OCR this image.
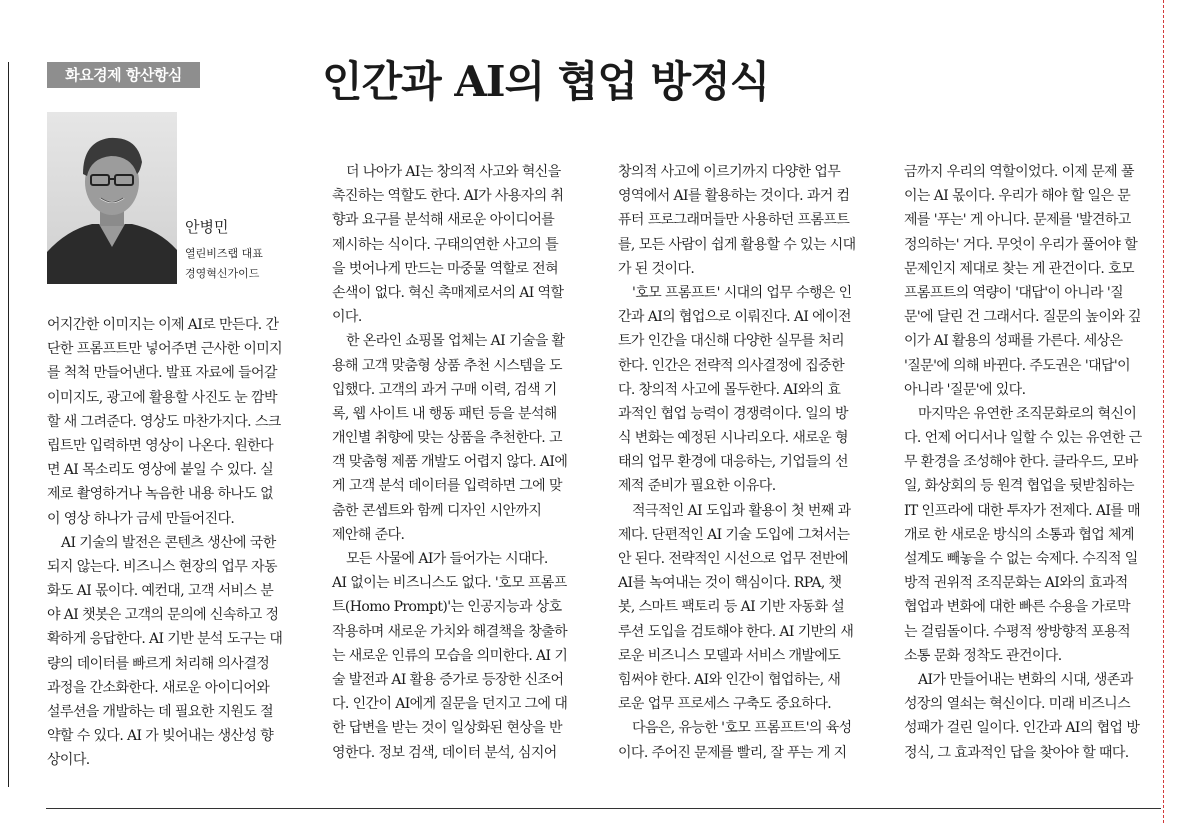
화요경제 항산항심	인간과 AI의 협업 방정식
안병민
열린비즈랩 대표
경영혁신가이드
어지간한 이미지는 이제 AI로 만든다. 간
단한 프롬프트만 넣어주면 근사한 이미지
를 척척 만들어낸다. 발표 자료에 들어갈
이미지도, 광고에 활용할 사진도 눈 깜박
할 새 그려준다. 영상도 마찬가지다. 스크
립트만 입력하면 영상이 나온다. 원한다
면 AI 목소리도 영상에 붙일 수 있다. 실
제로 촬영하거나 녹음한 내용 하나도 없
이 영상 하나가 금세 만들어진다.
AI 기술의 발전은 콘텐츠 생산에 국한
되지 않는다. 비즈니스 현장의 업무 자동
화도 AI 몫이다. 예컨대, 고객 서비스 분
야 AI 챗봇은 고객의 문의에 신속하고 정
확하게 응답한다. AI 기반 분석 도구는 대
량의 데이터를 빠르게 처리해 의사결정
과정을 간소화한다. 새로운 아이디어와
설루션을 개발하는 데 필요한 지원도 절
약할 수 있다. AI 가 빚어내는 생산성 향
상이다.
더 나아가 AI는 창의적 사고와 혁신을
촉진하는 역할도 한다. AI가 사용자의 취
향과 요구를 분석해 새로운 아이디어를
제시하는 식이다. 구태의연한 사고의 틀
을 벗어나게 만드는 마중물 역할로 전혀
손색이 없다. 혁신 촉매제로서의 AI 역할
이다.
한 온라인 쇼핑몰 업체는 AI 기술을 활
용해 고객 맞춤형 상품 추천 시스템을 도
입했다. 고객의 과거 구매 이력, 검색 기
록, 웹 사이트 내 행동 패턴 등을 분석해
개인별 취향에 맞는 상품을 추천한다. 고
객 맞춤형 제품 개발도 어렵지 않다. AI에
게 고객 분석 데이터를 입력하면 그에 맞
춤한 콘셉트와 함께 디자인 시안까지
제안해 준다.
모든 사물에 AI가 들어가는 시대다.
AI 없이는 비즈니스도 없다. '호모 프롬프
트(Homo Prompt)'는 인공지능과 상호
작용하며 새로운 가치와 해결책을 창출하
는 새로운 인류의 모습을 의미한다. AI 기
술 발전과 AI 활용 증가로 등장한 신조어
다. 인간이 AI에게 질문을 던지고 그에 대
한 답변을 받는 것이 일상화된 현상을 반
영한다. 정보 검색, 데이터 분석, 심지어
창의적 사고에 이르기까지 다양한 업무
영역에서 AI를 활용하는 것이다. 과거 컴
퓨터 프로그래머들만 사용하던 프롬프트
를, 모든 사람이 쉽게 활용할 수 있는 시대
가 된 것이다.
'호모 프롬프트' 시대의 업무 수행은 인
간과 AI의 협업으로 이뤄진다. AI 에이전
트가 인간을 대신해 다양한 실무를 처리
한다. 인간은 전략적 의사결정에 집중한
다. 창의적 사고에 몰두한다. AI와의 효
과적인 협업 능력이 경쟁력이다. 일의 방
식 변화는 예정된 시나리오다. 새로운 형
태의 업무 환경에 대응하는, 기업들의 선
제적 준비가 필요한 이유다.
적극적인 AI 도입과 활용이 첫 번째 과
제다. 단편적인 AI 기술 도입에 그쳐서는
안 된다. 전략적인 시선으로 업무 전반에
AI를 녹여내는 것이 핵심이다. RPA, 챗
봇, 스마트 팩토리 등 AI 기반 자동화 설
루션 도입을 검토해야 한다. AI 기반의 새
로운 비즈니스 모델과 서비스 개발에도
힘써야 한다. AI와 인간이 협업하는, 새
로운 업무 프로세스 구축도 중요하다.
다음은, 유능한 '호모 프롬프트'의 육성
이다. 주어진 문제를 빨리, 잘 푸는 게 지
금까지 우리의 역할이었다. 이제 문제 풀
이는 AI 몫이다. 우리가 해야 할 일은 문
제를 '푸는' 게 아니다. 문제를 '발견하고
정의하는' 거다. 무엇이 우리가 풀어야 할
문제인지 제대로 찾는 게 관건이다. 호모
프롬프트의 역량이 '대답'이 아니라 '질
문'에 달린 건 그래서다. 질문의 높이와 깊
이가 AI 활용의 성패를 가른다. 세상은
'질문'에 의해 바뀐다. 주도권은 '대답'이
아니라 '질문'에 있다.
마지막은 유연한 조직문화로의 혁신이
다. 언제 어디서나 일할 수 있는 유연한 근
무 환경을 조성해야 한다. 클라우드, 모바
일, 화상회의 등 원격 협업을 뒷받침하는
IT 인프라에 대한 투자가 전제다. AI를 매
개로 한 새로운 방식의 소통과 협업 체계
설계도 빼놓을 수 없는 숙제다. 수직적 일
방적 권위적 조직문화는 AI와의 효과적
협업과 변화에 대한 빠른 수용을 가로막
는 걸림돌이다. 수평적 쌍방향적 포용적
소통 문화 정착도 관건이다.
AI가 만들어내는 변화의 시대, 생존과
성장의 열쇠는 혁신이다. 미래 비즈니스
성패가 걸린 일이다. 인간과 AI의 협업 방
정식, 그 효과적인 답을 찾아야 할 때다.
